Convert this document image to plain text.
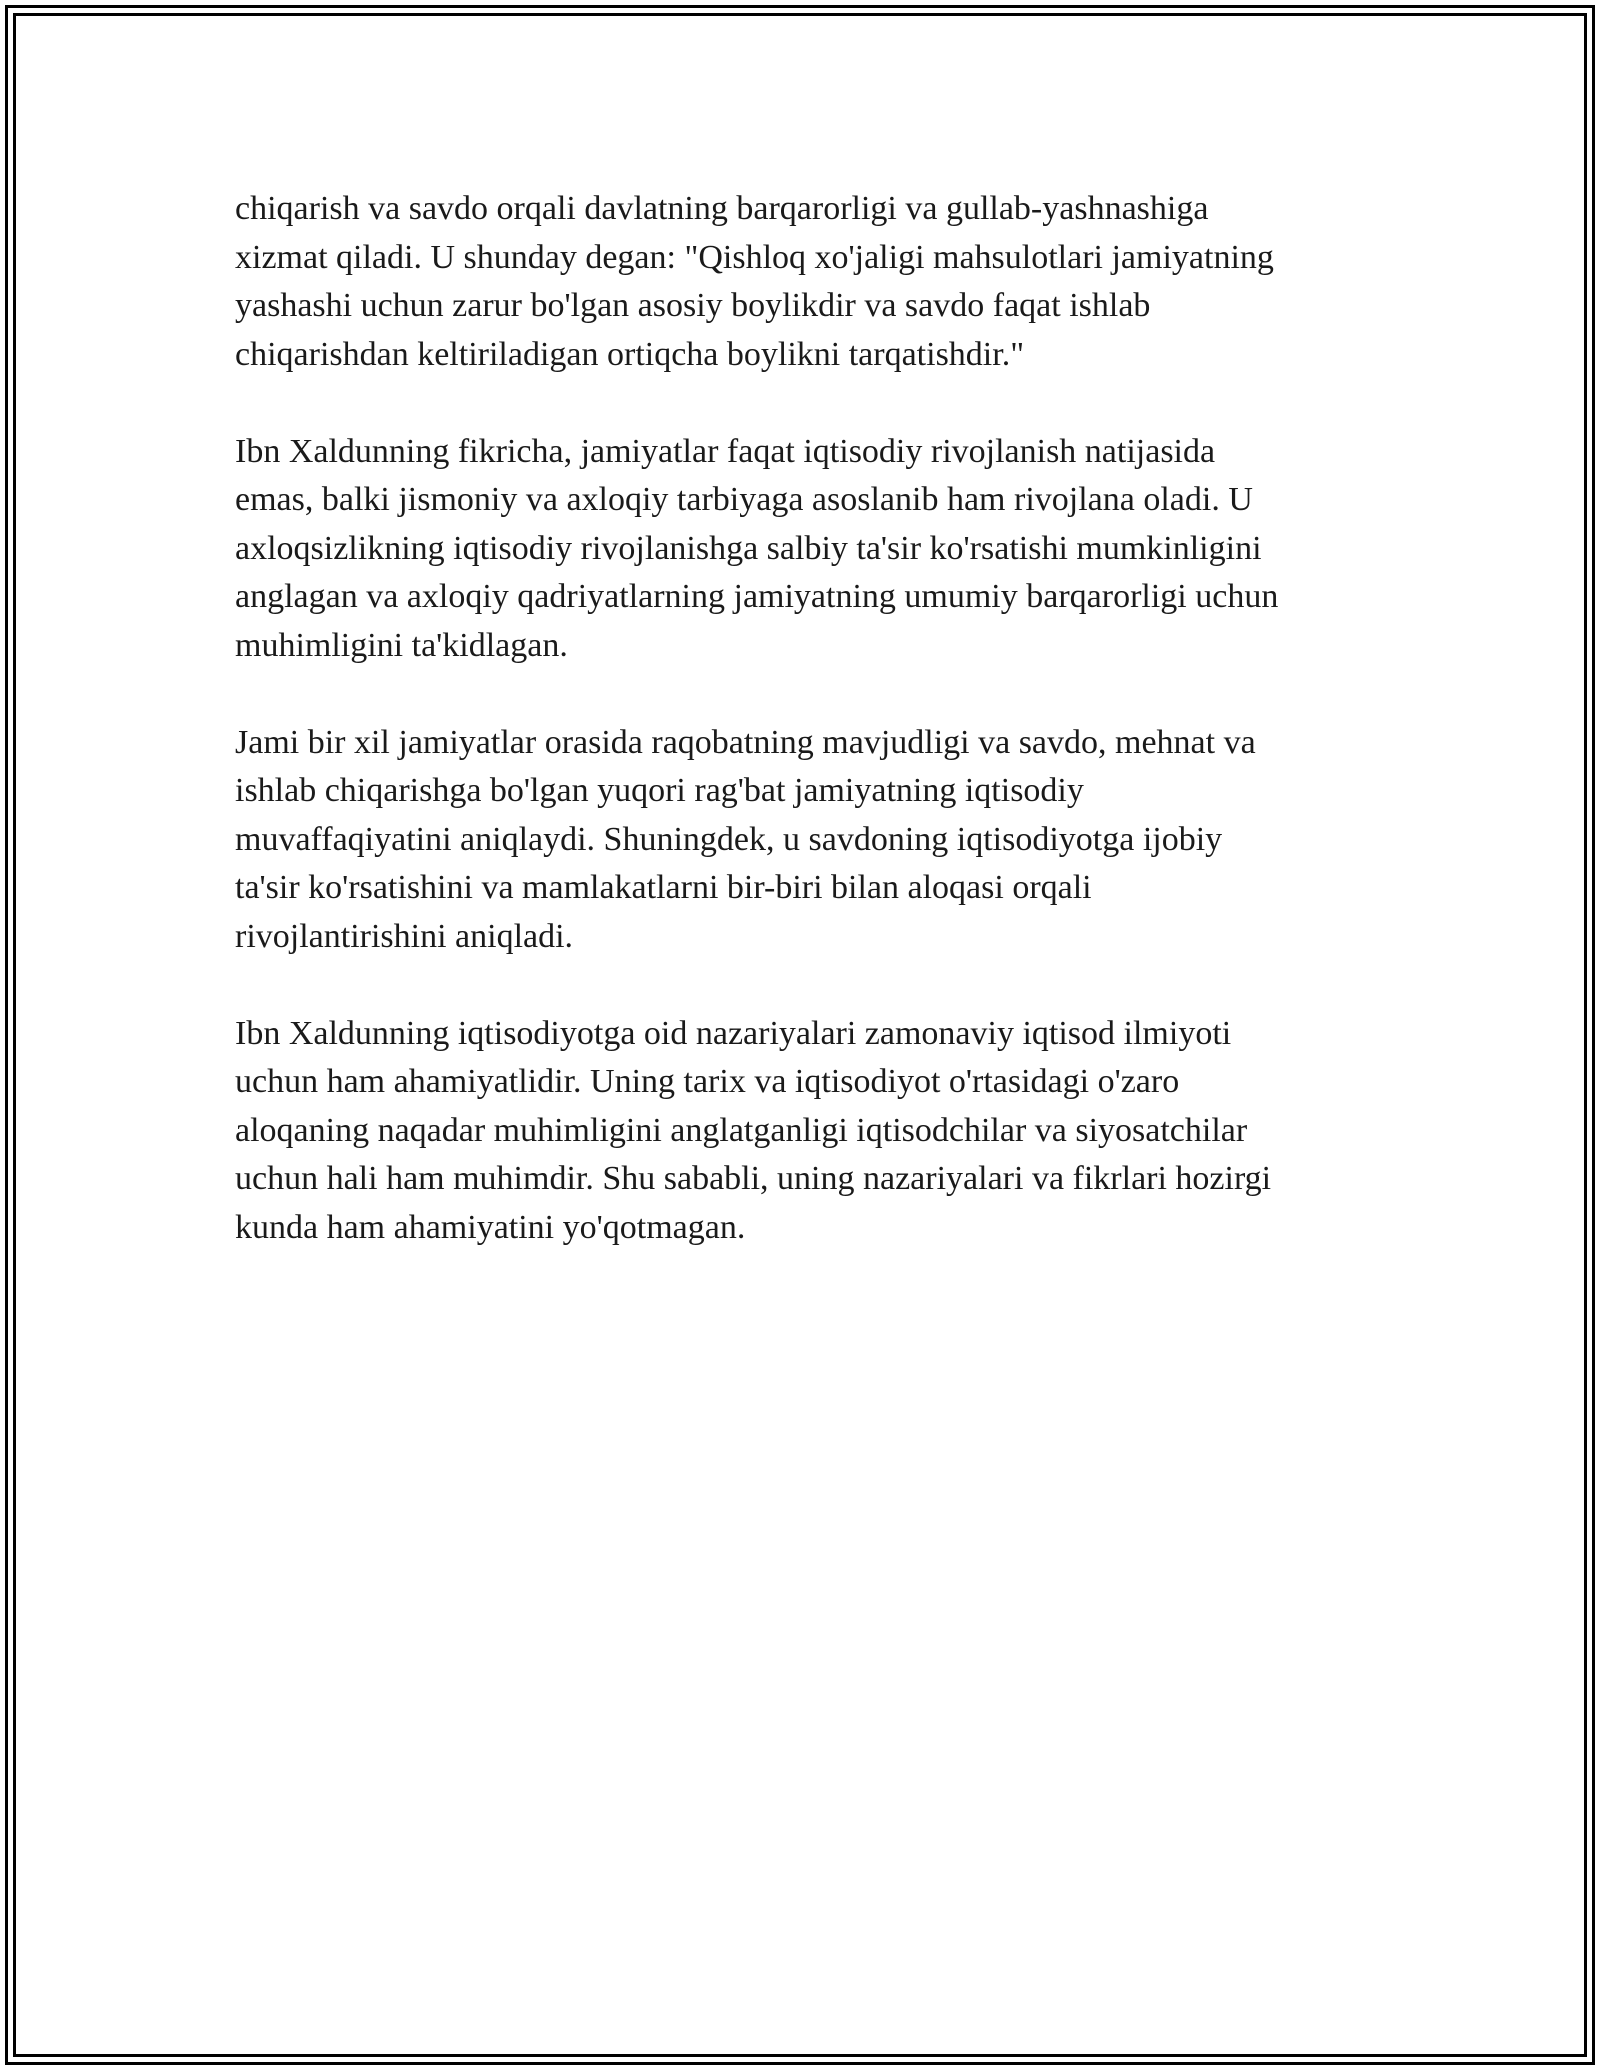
chiqarish va savdo orqali davlatning barqarorligi va gullab-yashnashiga
xizmat qiladi. U shunday degan: "Qishloq xo'jaligi mahsulotlari jamiyatning
yashashi uchun zarur bo'lgan asosiy boylikdir va savdo faqat ishlab
chiqarishdan keltiriladigan ortiqcha boylikni tarqatishdir."

Ibn Xaldunning fikricha, jamiyatlar faqat iqtisodiy rivojlanish natijasida
emas, balki jismoniy va axloqiy tarbiyaga asoslanib ham rivojlana oladi. U
axloqsizlikning iqtisodiy rivojlanishga salbiy ta'sir ko'rsatishi mumkinligini
anglagan va axloqiy qadriyatlarning jamiyatning umumiy barqarorligi uchun
muhimligini ta'kidlagan.

Jami bir xil jamiyatlar orasida raqobatning mavjudligi va savdo, mehnat va
ishlab chiqarishga bo'lgan yuqori rag'bat jamiyatning iqtisodiy
muvaffaqiyatini aniqlaydi. Shuningdek, u savdoning iqtisodiyotga ijobiy
ta'sir ko'rsatishini va mamlakatlarni bir-biri bilan aloqasi orqali
rivojlantirishini aniqladi.

Ibn Xaldunning iqtisodiyotga oid nazariyalari zamonaviy iqtisod ilmiyoti
uchun ham ahamiyatlidir. Uning tarix va iqtisodiyot o'rtasidagi o'zaro
aloqaning naqadar muhimligini anglatganligi iqtisodchilar va siyosatchilar
uchun hali ham muhimdir. Shu sababli, uning nazariyalari va fikrlari hozirgi
kunda ham ahamiyatini yo'qotmagan.
